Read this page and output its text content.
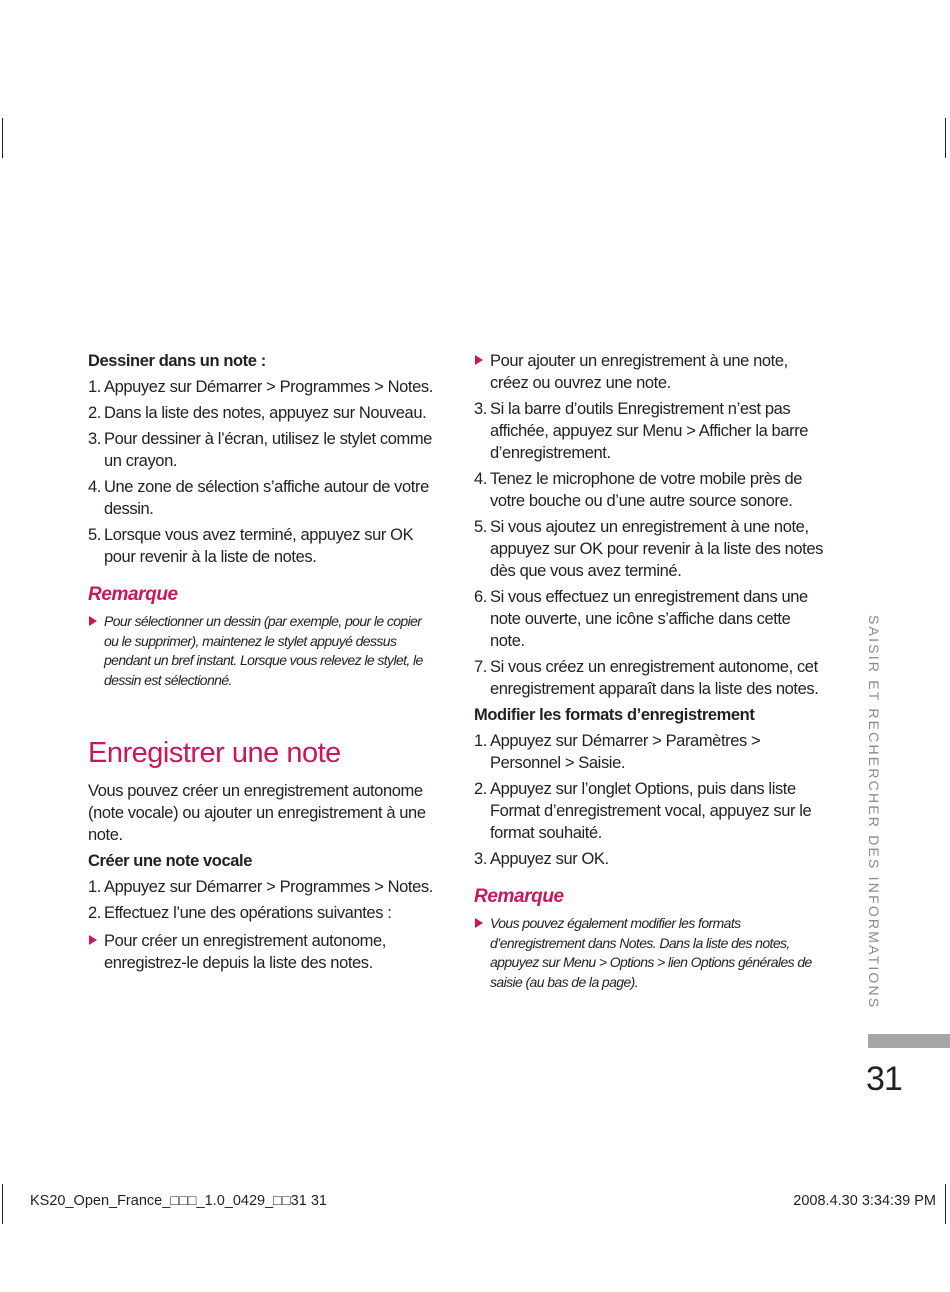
Dessiner dans un note :
1. Appuyez sur Démarrer > Programmes > Notes.
2. Dans la liste des notes, appuyez sur Nouveau.
3. Pour dessiner à l’écran, utilisez le stylet comme un crayon.
4. Une zone de sélection s’affiche autour de votre dessin.
5. Lorsque vous avez terminé, appuyez sur OK pour revenir à la liste de notes.
Remarque
Pour sélectionner un dessin (par exemple, pour le copier ou le supprimer), maintenez le stylet appuyé dessus pendant un bref instant. Lorsque vous relevez le stylet, le dessin est sélectionné.
Enregistrer une note
Vous pouvez créer un enregistrement autonome (note vocale) ou ajouter un enregistrement à une note.
Créer une note vocale
1. Appuyez sur Démarrer > Programmes > Notes.
2. Effectuez l’une des opérations suivantes :
Pour créer un enregistrement autonome, enregistrez-le depuis la liste des notes.
Pour ajouter un enregistrement à une note, créez ou ouvrez une note.
3. Si la barre d’outils Enregistrement n’est pas affichée, appuyez sur Menu > Afficher la barre d’enregistrement.
4. Tenez le microphone de votre mobile près de votre bouche ou d’une autre source sonore.
5. Si vous ajoutez un enregistrement à une note, appuyez sur OK pour revenir à la liste des notes dès que vous avez terminé.
6. Si vous effectuez un enregistrement dans une note ouverte, une icône s’affiche dans cette note.
7. Si vous créez un enregistrement autonome, cet enregistrement apparaît dans la liste des notes.
Modifier les formats d’enregistrement
1. Appuyez sur Démarrer > Paramètres > Personnel > Saisie.
2. Appuyez sur l’onglet Options, puis dans liste Format d’enregistrement vocal, appuyez sur le format souhaité.
3. Appuyez sur OK.
Remarque
Vous pouvez également modifier les formats d’enregistrement dans Notes. Dans la liste des notes, appuyez sur Menu > Options > lien Options générales de saisie (au bas de la page).	SAISIR ET RECHERCHER DES INFORMATIONS
31
KS20_Open_France_□□□_1.0_0429_□□31 31	2008.4.30 3:34:39 PM
